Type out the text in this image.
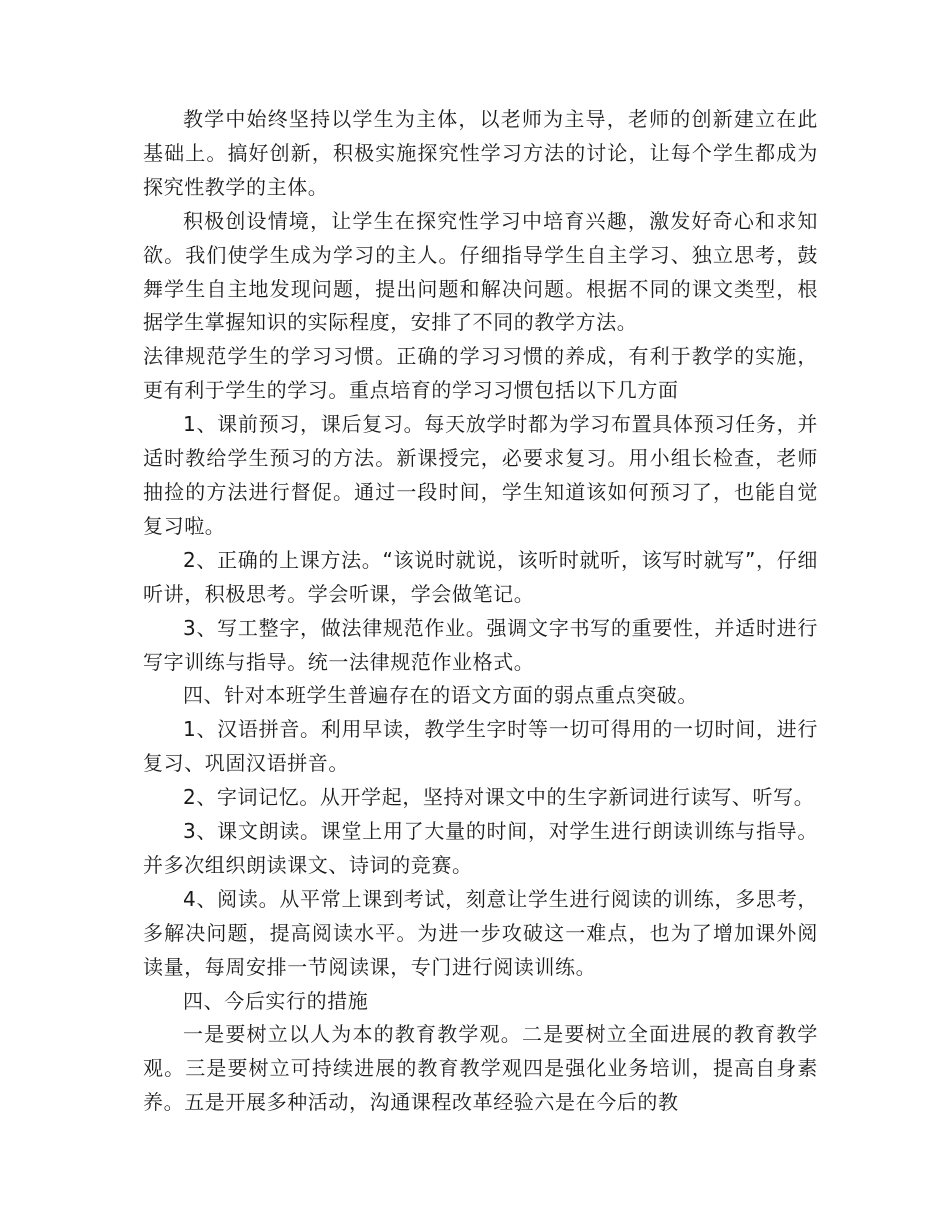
教学中始终坚持以学生为主体，以老师为主导，老师的创新建立在此基础上。搞好创新，积极实施探究性学习方法的讨论，让每个学生都成为探究性教学的主体。

积极创设情境，让学生在探究性学习中培育兴趣，激发好奇心和求知欲。我们使学生成为学习的主人。仔细指导学生自主学习、独立思考，鼓舞学生自主地发现问题，提出问题和解决问题。根据不同的课文类型，根据学生掌握知识的实际程度，安排了不同的教学方法。

法律规范学生的学习习惯。正确的学习习惯的养成，有利于教学的实施，更有利于学生的学习。重点培育的学习习惯包括以下几方面

1、课前预习，课后复习。每天放学时都为学习布置具体预习任务，并适时教给学生预习的方法。新课授完，必要求复习。用小组长检查，老师抽捡的方法进行督促。通过一段时间，学生知道该如何预习了，也能自觉复习啦。

2、正确的上课方法。“该说时就说，该听时就听，该写时就写”，仔细听讲，积极思考。学会听课，学会做笔记。

3、写工整字，做法律规范作业。强调文字书写的重要性，并适时进行写字训练与指导。统一法律规范作业格式。

四、针对本班学生普遍存在的语文方面的弱点重点突破。

1、汉语拼音。利用早读，教学生字时等一切可得用的一切时间，进行复习、巩固汉语拼音。

2、字词记忆。从开学起，坚持对课文中的生字新词进行读写、听写。

3、课文朗读。课堂上用了大量的时间，对学生进行朗读训练与指导。并多次组织朗读课文、诗词的竞赛。

4、阅读。从平常上课到考试，刻意让学生进行阅读的训练，多思考，多解决问题，提高阅读水平。为进一步攻破这一难点，也为了增加课外阅读量，每周安排一节阅读课，专门进行阅读训练。

四、今后实行的措施

一是要树立以人为本的教育教学观。二是要树立全面进展的教育教学观。三是要树立可持续进展的教育教学观四是强化业务培训，提高自身素养。五是开展多种活动，沟通课程改革经验六是在今后的教
